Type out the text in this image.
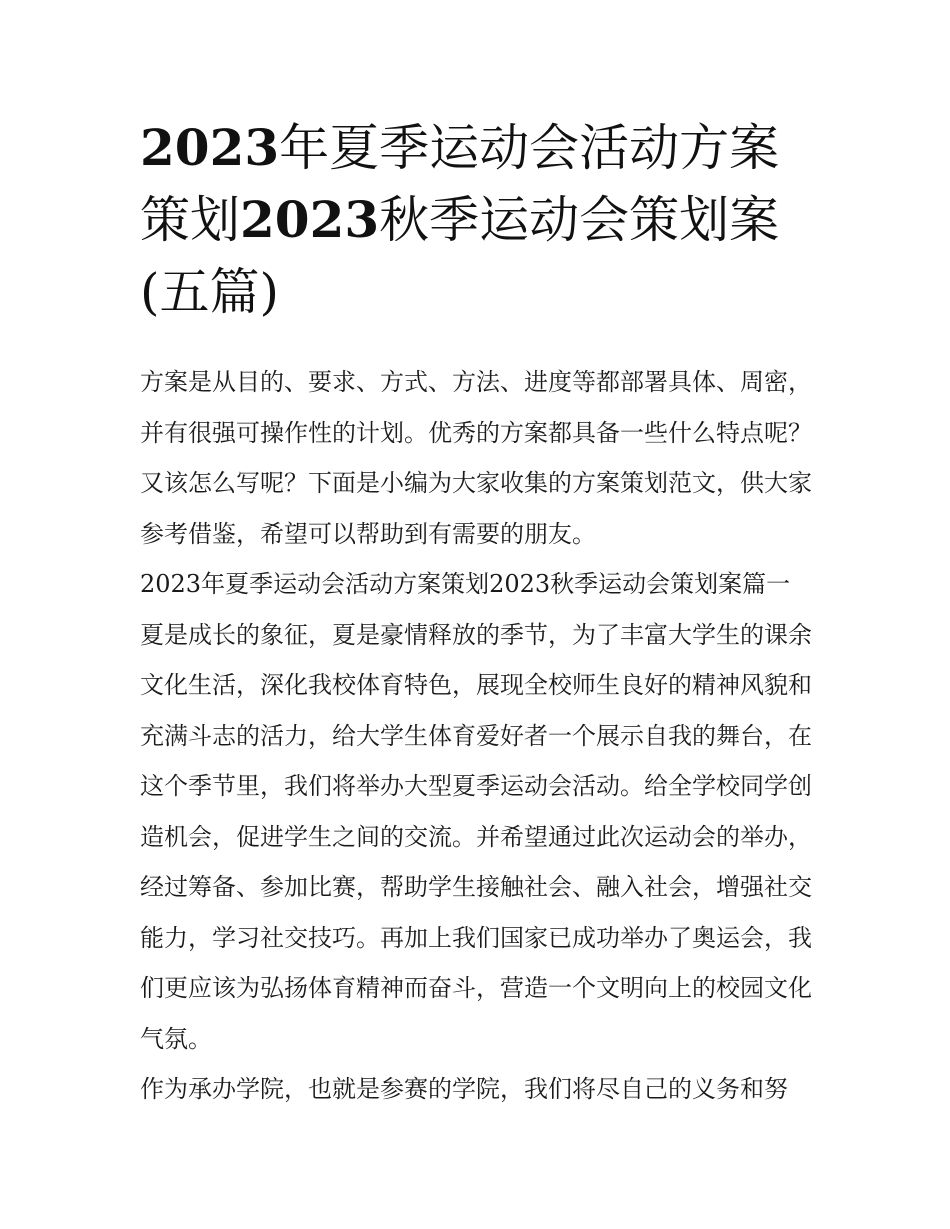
2023年夏季运动会活动方案策划2023秋季运动会策划案(五篇)

方案是从目的、要求、方式、方法、进度等都部署具体、周密，并有很强可操作性的计划。优秀的方案都具备一些什么特点呢？又该怎么写呢？下面是小编为大家收集的方案策划范文，供大家参考借鉴，希望可以帮助到有需要的朋友。

2023年夏季运动会活动方案策划2023秋季运动会策划案篇一

夏是成长的象征，夏是豪情释放的季节，为了丰富大学生的课余文化生活，深化我校体育特色，展现全校师生良好的精神风貌和充满斗志的活力，给大学生体育爱好者一个展示自我的舞台，在这个季节里，我们将举办大型夏季运动会活动。给全学校同学创造机会，促进学生之间的交流。并希望通过此次运动会的举办，经过筹备、参加比赛，帮助学生接触社会、融入社会，增强社交能力，学习社交技巧。再加上我们国家已成功举办了奥运会，我们更应该为弘扬体育精神而奋斗，营造一个文明向上的校园文化气氛。

作为承办学院，也就是参赛的学院，我们将尽自己的义务和努
